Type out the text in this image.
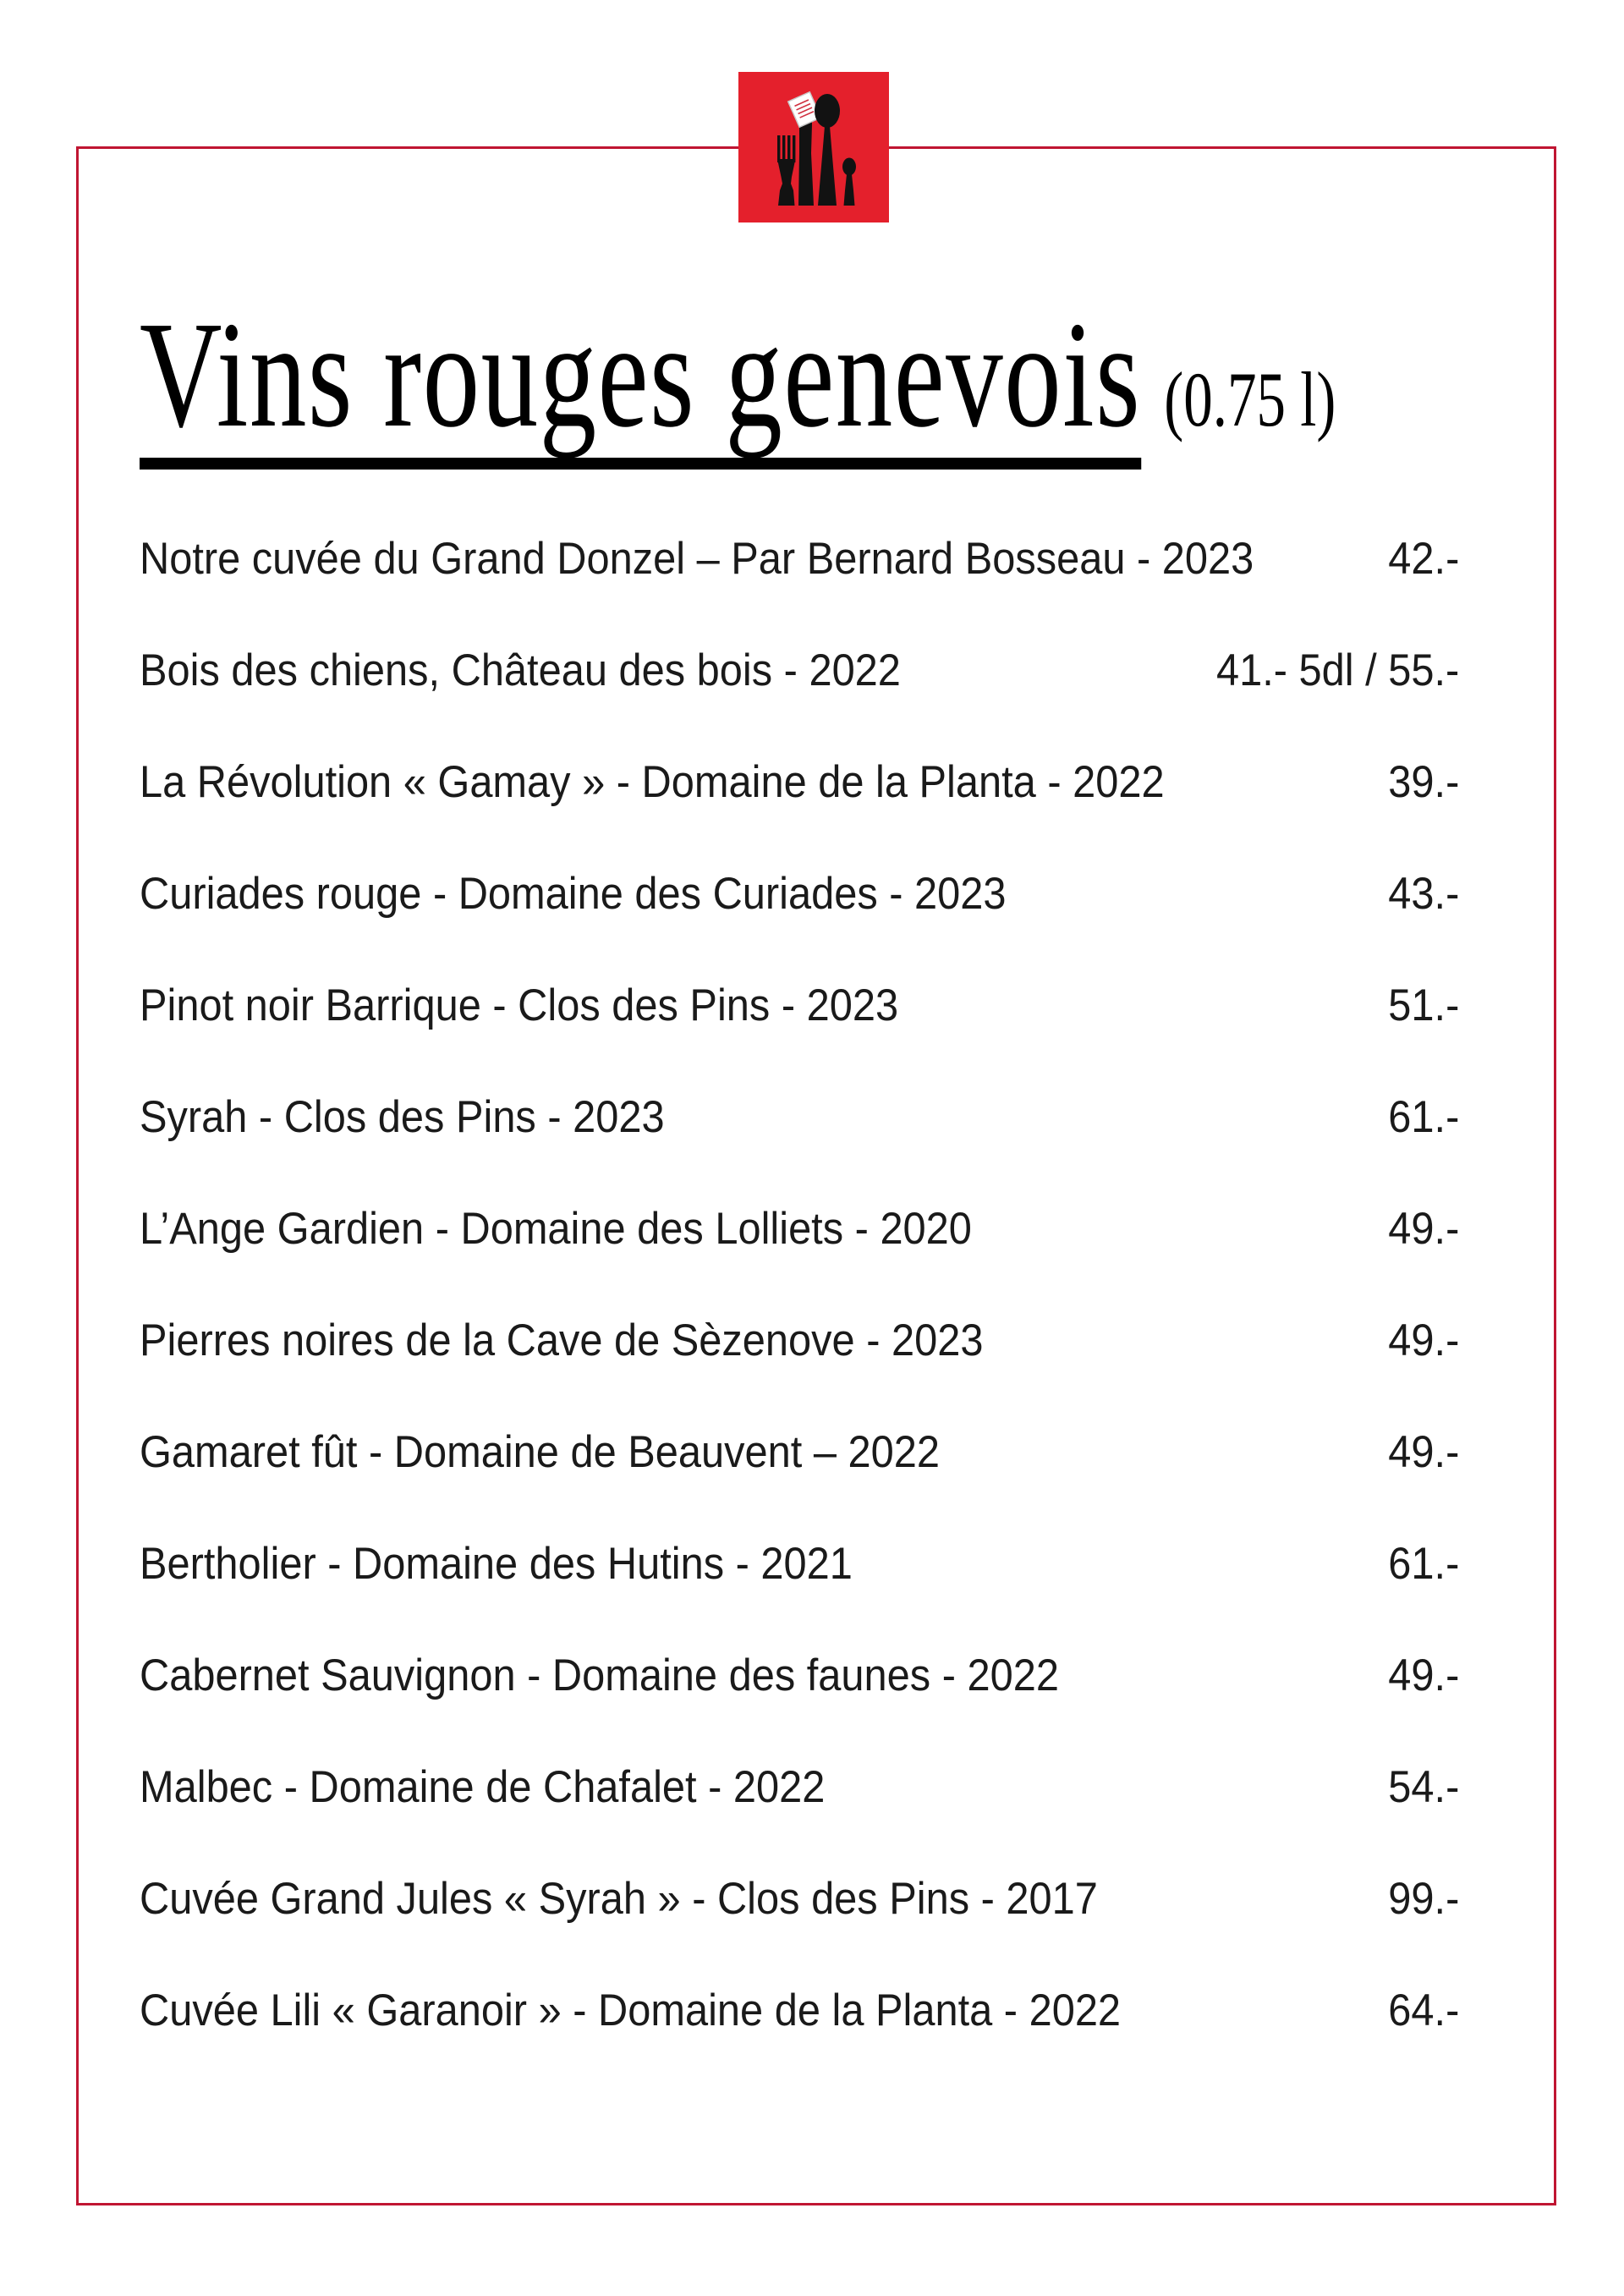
Vins rouges genevois (0.75 l)
Notre cuvée du Grand Donzel – Par Bernard Bosseau - 2023	42.-
Bois des chiens, Château des bois - 2022	41.- 5dl / 55.-
La Révolution « Gamay » - Domaine de la Planta - 2022	39.-
Curiades rouge - Domaine des Curiades - 2023	43.-
Pinot noir Barrique - Clos des Pins - 2023	51.-
Syrah - Clos des Pins - 2023	61.-
L’Ange Gardien - Domaine des Lolliets - 2020	49.-
Pierres noires de la Cave de Sèzenove - 2023	49.-
Gamaret fût - Domaine de Beauvent – 2022	49.-
Bertholier - Domaine des Hutins - 2021	61.-
Cabernet Sauvignon - Domaine des faunes - 2022	49.-
Malbec - Domaine de Chafalet - 2022	54.-
Cuvée Grand Jules « Syrah » - Clos des Pins - 2017	99.-
Cuvée Lili « Garanoir » - Domaine de la Planta - 2022	64.-
